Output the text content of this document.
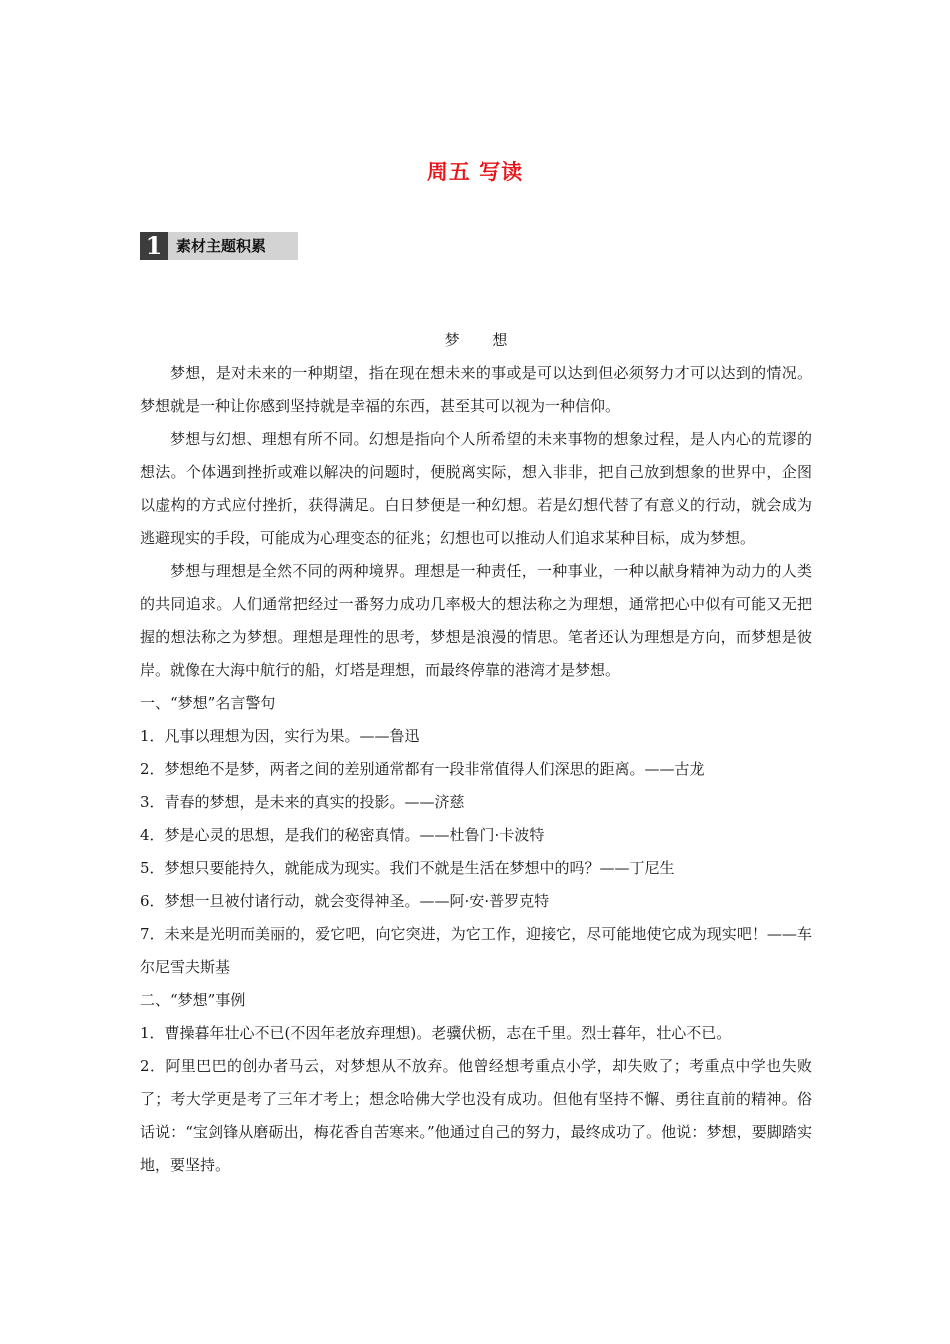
周五 写读
1 素材主题积累

梦 想

梦想，是对未来的一种期望，指在现在想未来的事或是可以达到但必须努力才可以达到的情况。梦想就是一种让你感到坚持就是幸福的东西，甚至其可以视为一种信仰。

梦想与幻想、理想有所不同。幻想是指向个人所希望的未来事物的想象过程，是人内心的荒谬的想法。个体遇到挫折或难以解决的问题时，便脱离实际，想入非非，把自己放到想象的世界中，企图以虚构的方式应付挫折，获得满足。白日梦便是一种幻想。若是幻想代替了有意义的行动，就会成为逃避现实的手段，可能成为心理变态的征兆；幻想也可以推动人们追求某种目标，成为梦想。

梦想与理想是全然不同的两种境界。理想是一种责任，一种事业，一种以献身精神为动力的人类的共同追求。人们通常把经过一番努力成功几率极大的想法称之为理想，通常把心中似有可能又无把握的想法称之为梦想。理想是理性的思考，梦想是浪漫的情思。笔者还认为理想是方向，而梦想是彼岸。就像在大海中航行的船，灯塔是理想，而最终停靠的港湾才是梦想。

一、“梦想”名言警句

1．凡事以理想为因，实行为果。——鲁迅

2．梦想绝不是梦，两者之间的差别通常都有一段非常值得人们深思的距离。——古龙

3．青春的梦想，是未来的真实的投影。——济慈

4．梦是心灵的思想，是我们的秘密真情。——杜鲁门·卡波特

5．梦想只要能持久，就能成为现实。我们不就是生活在梦想中的吗？——丁尼生

6．梦想一旦被付诸行动，就会变得神圣。——阿·安·普罗克特

7．未来是光明而美丽的，爱它吧，向它突进，为它工作，迎接它，尽可能地使它成为现实吧！——车尔尼雪夫斯基

二、“梦想”事例

1．曹操暮年壮心不已(不因年老放弃理想)。老骥伏枥，志在千里。烈士暮年，壮心不已。

2．阿里巴巴的创办者马云，对梦想从不放弃。他曾经想考重点小学，却失败了；考重点中学也失败了；考大学更是考了三年才考上；想念哈佛大学也没有成功。但他有坚持不懈、勇往直前的精神。俗话说：“宝剑锋从磨砺出，梅花香自苦寒来。”他通过自己的努力，最终成功了。他说：梦想，要脚踏实地，要坚持。
